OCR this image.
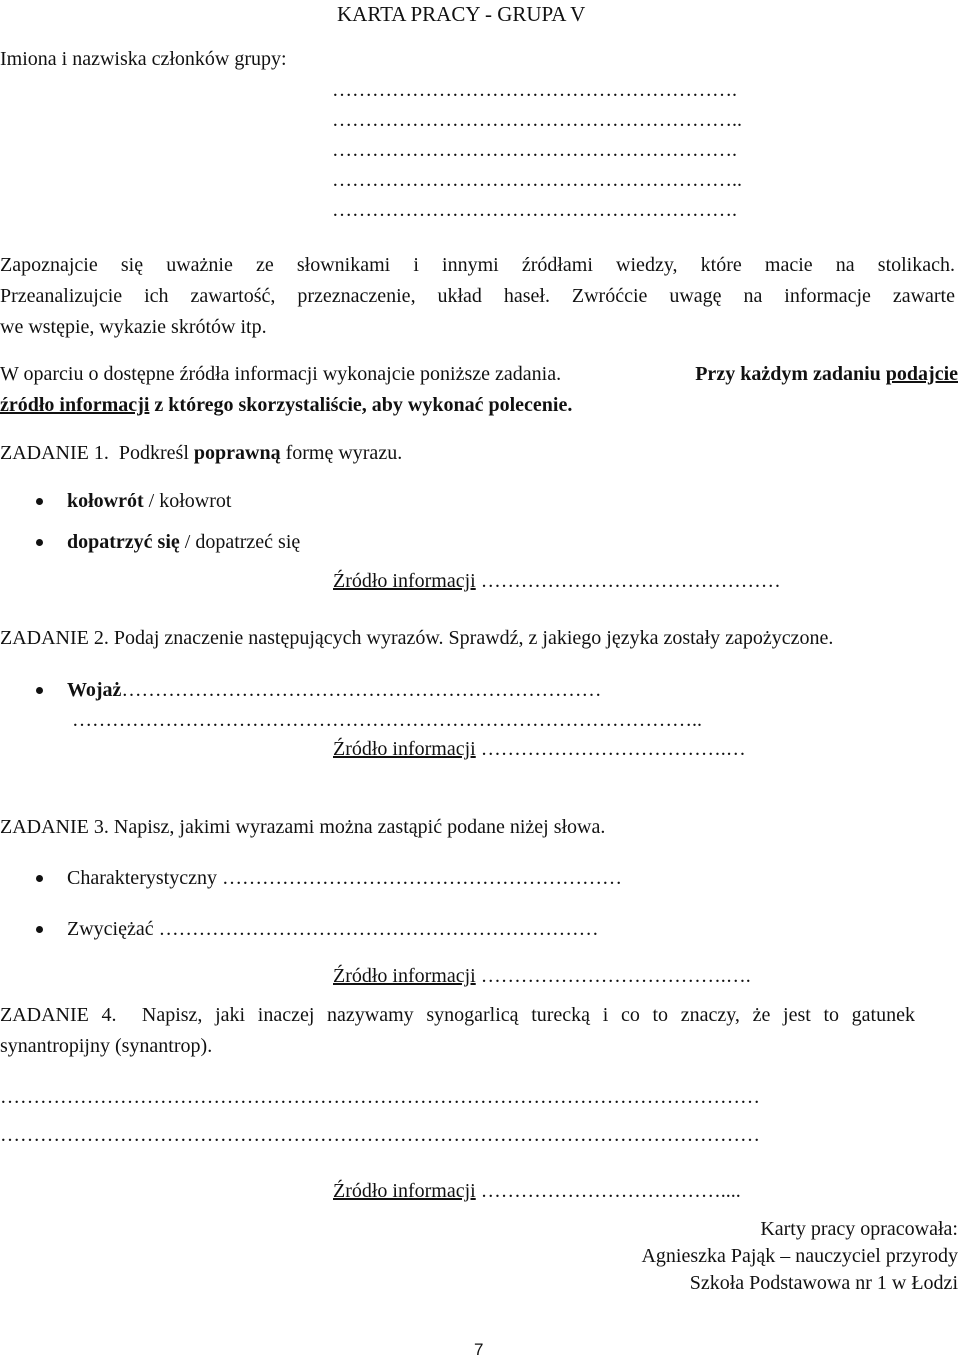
KARTA PRACY - GRUPA V
Imiona i nazwiska członków grupy:
…………………………………………………….
……………………………………………………..
…………………………………………………….
……………………………………………………..
…………………………………………………….
Zapoznajcie się uważnie ze słownikami i innymi źródłami wiedzy, które macie na stolikach.
Przeanalizujcie ich zawartość, przeznaczenie, układ haseł. Zwróćcie uwagę na informacje zawarte
we wstępie, wykazie skrótów itp.
W oparciu o dostępne źródła informacji wykonajcie poniższe zadania.	Przy każdym zadaniu podajcie
źródło informacji z którego skorzystaliście, aby wykonać polecenie.
ZADANIE 1. Podkreśl poprawną formę wyrazu.
kołowrót / kołowrot
dopatrzyć się / dopatrzeć się
Źródło informacji ………………………………………
ZADANIE 2. Podaj znaczenie następujących wyrazów. Sprawdź, z jakiego języka zostały zapożyczone.
Wojaż………………………………………………………………
…………………………………………………………………………………..
Źródło informacji ……………………………….…
ZADANIE 3. Napisz, jakimi wyrazami można zastąpić podane niżej słowa.
Charakterystyczny ……………………………………………………
Zwyciężać …………………………………………………………
Źródło informacji ……………………………….….
ZADANIE 4. Napisz, jaki inaczej nazywamy synogarlicą turecką i co to znaczy, że jest to gatunek
synantropijny (synantrop).
……………………………………………………………………………………………………
……………………………………………………………………………………………………
Źródło informacji ………………………………....
Karty pracy opracowała:
Agnieszka Pająk – nauczyciel przyrody
Szkoła Podstawowa nr 1 w Łodzi
7
